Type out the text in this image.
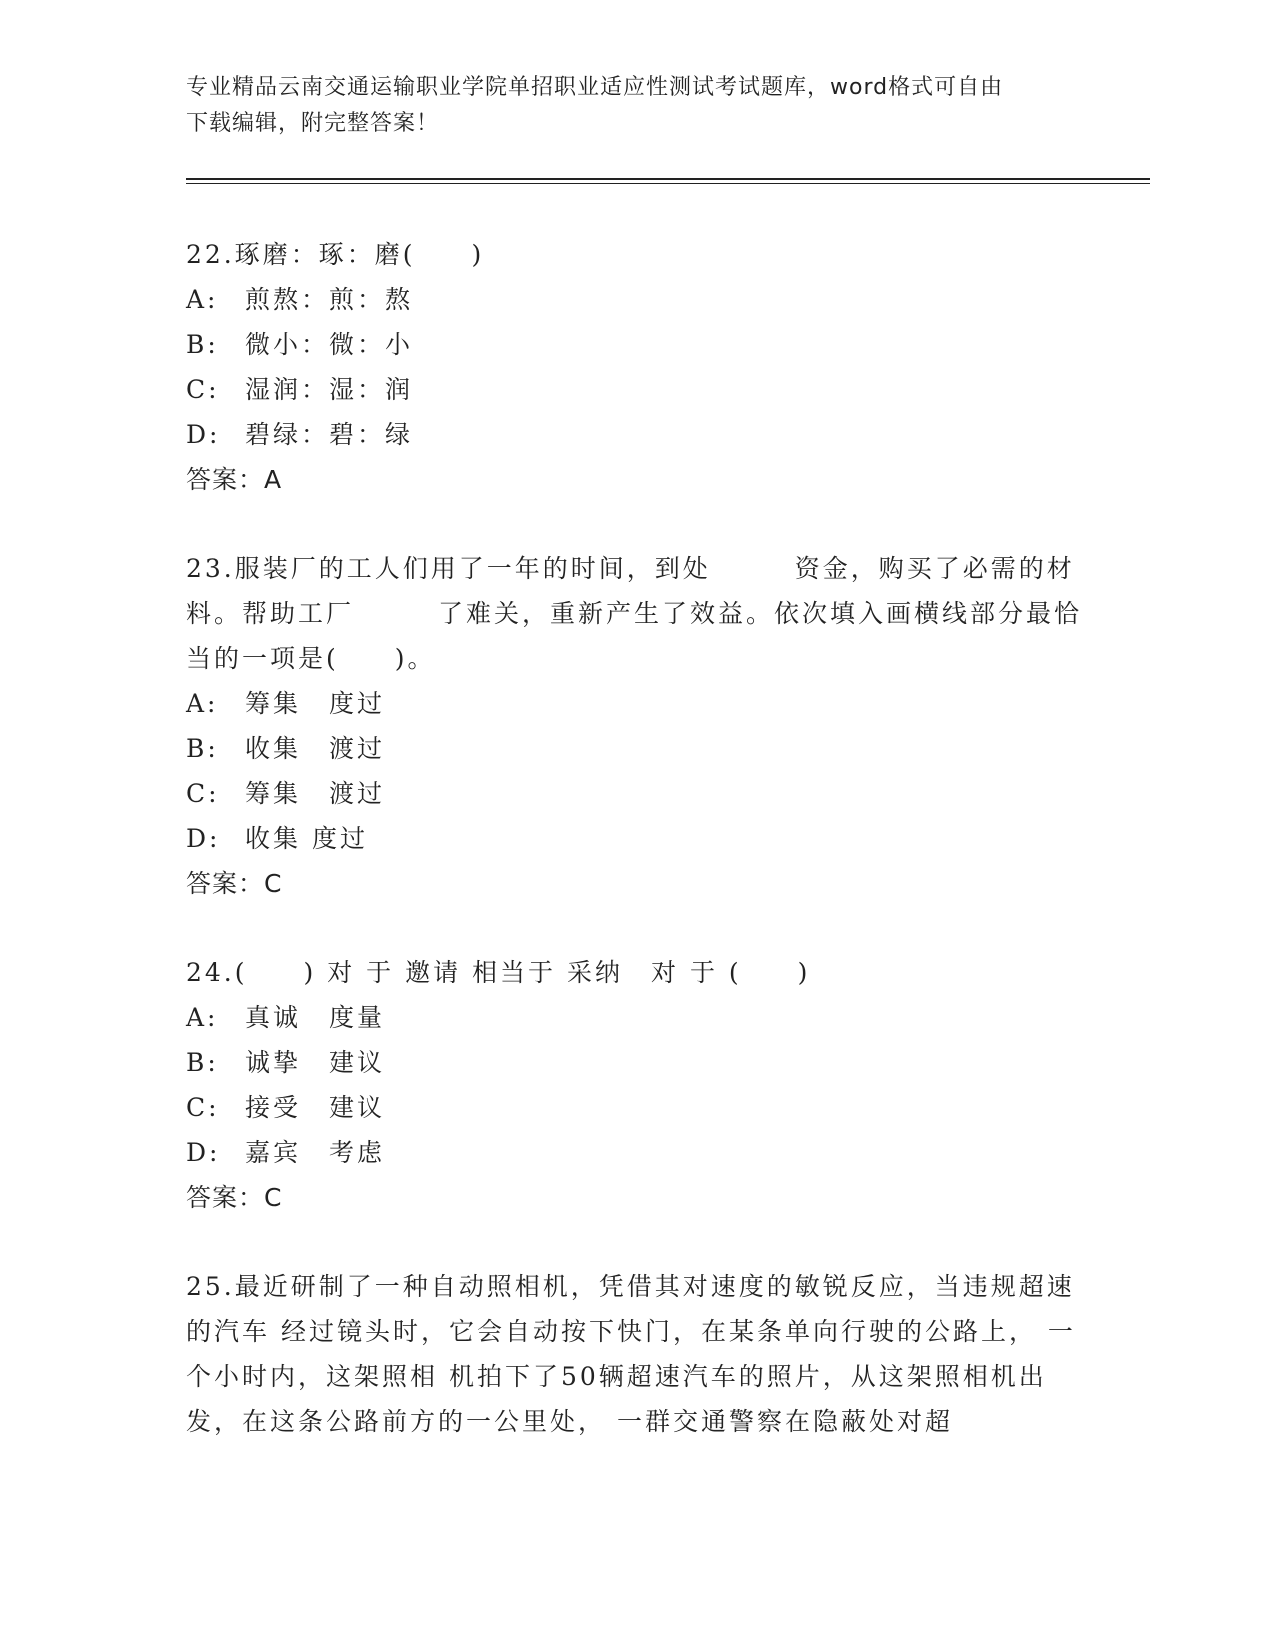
专业精品云南交通运输职业学院单招职业适应性测试考试题库，word格式可自由
下载编辑，附完整答案！
22.琢磨：琢：磨(　　)
A:	煎熬：煎：熬
B:	微小：微：小
C:	湿润：湿：润
D: 碧绿：碧：绿
答案：A
23.服装厂的工人们用了一年的时间，到处　　　资金，购买了必需的材料。帮助工厂　　　了难关，重新产生了效益。依次填入画横线部分最恰当的一项是(　　)。
A:	筹集　度过
B:	收集　渡过
C:	筹集　渡过
D: 收集 度过
答案：C
24.(　　) 对 于 邀请 相当于 采纳　对 于 (　　)
A:	真诚　度量
B:	诚挚　建议
C:	接受　建议
D: 嘉宾　考虑
答案：C
25.最近研制了一种自动照相机，凭借其对速度的敏锐反应，当违规超速的汽车 经过镜头时，它会自动按下快门，在某条单向行驶的公路上， 一个小时内，这架照相 机拍下了50辆超速汽车的照片，从这架照相机出发，在这条公路前方的一公里处， 一群交通警察在隐蔽处对超
